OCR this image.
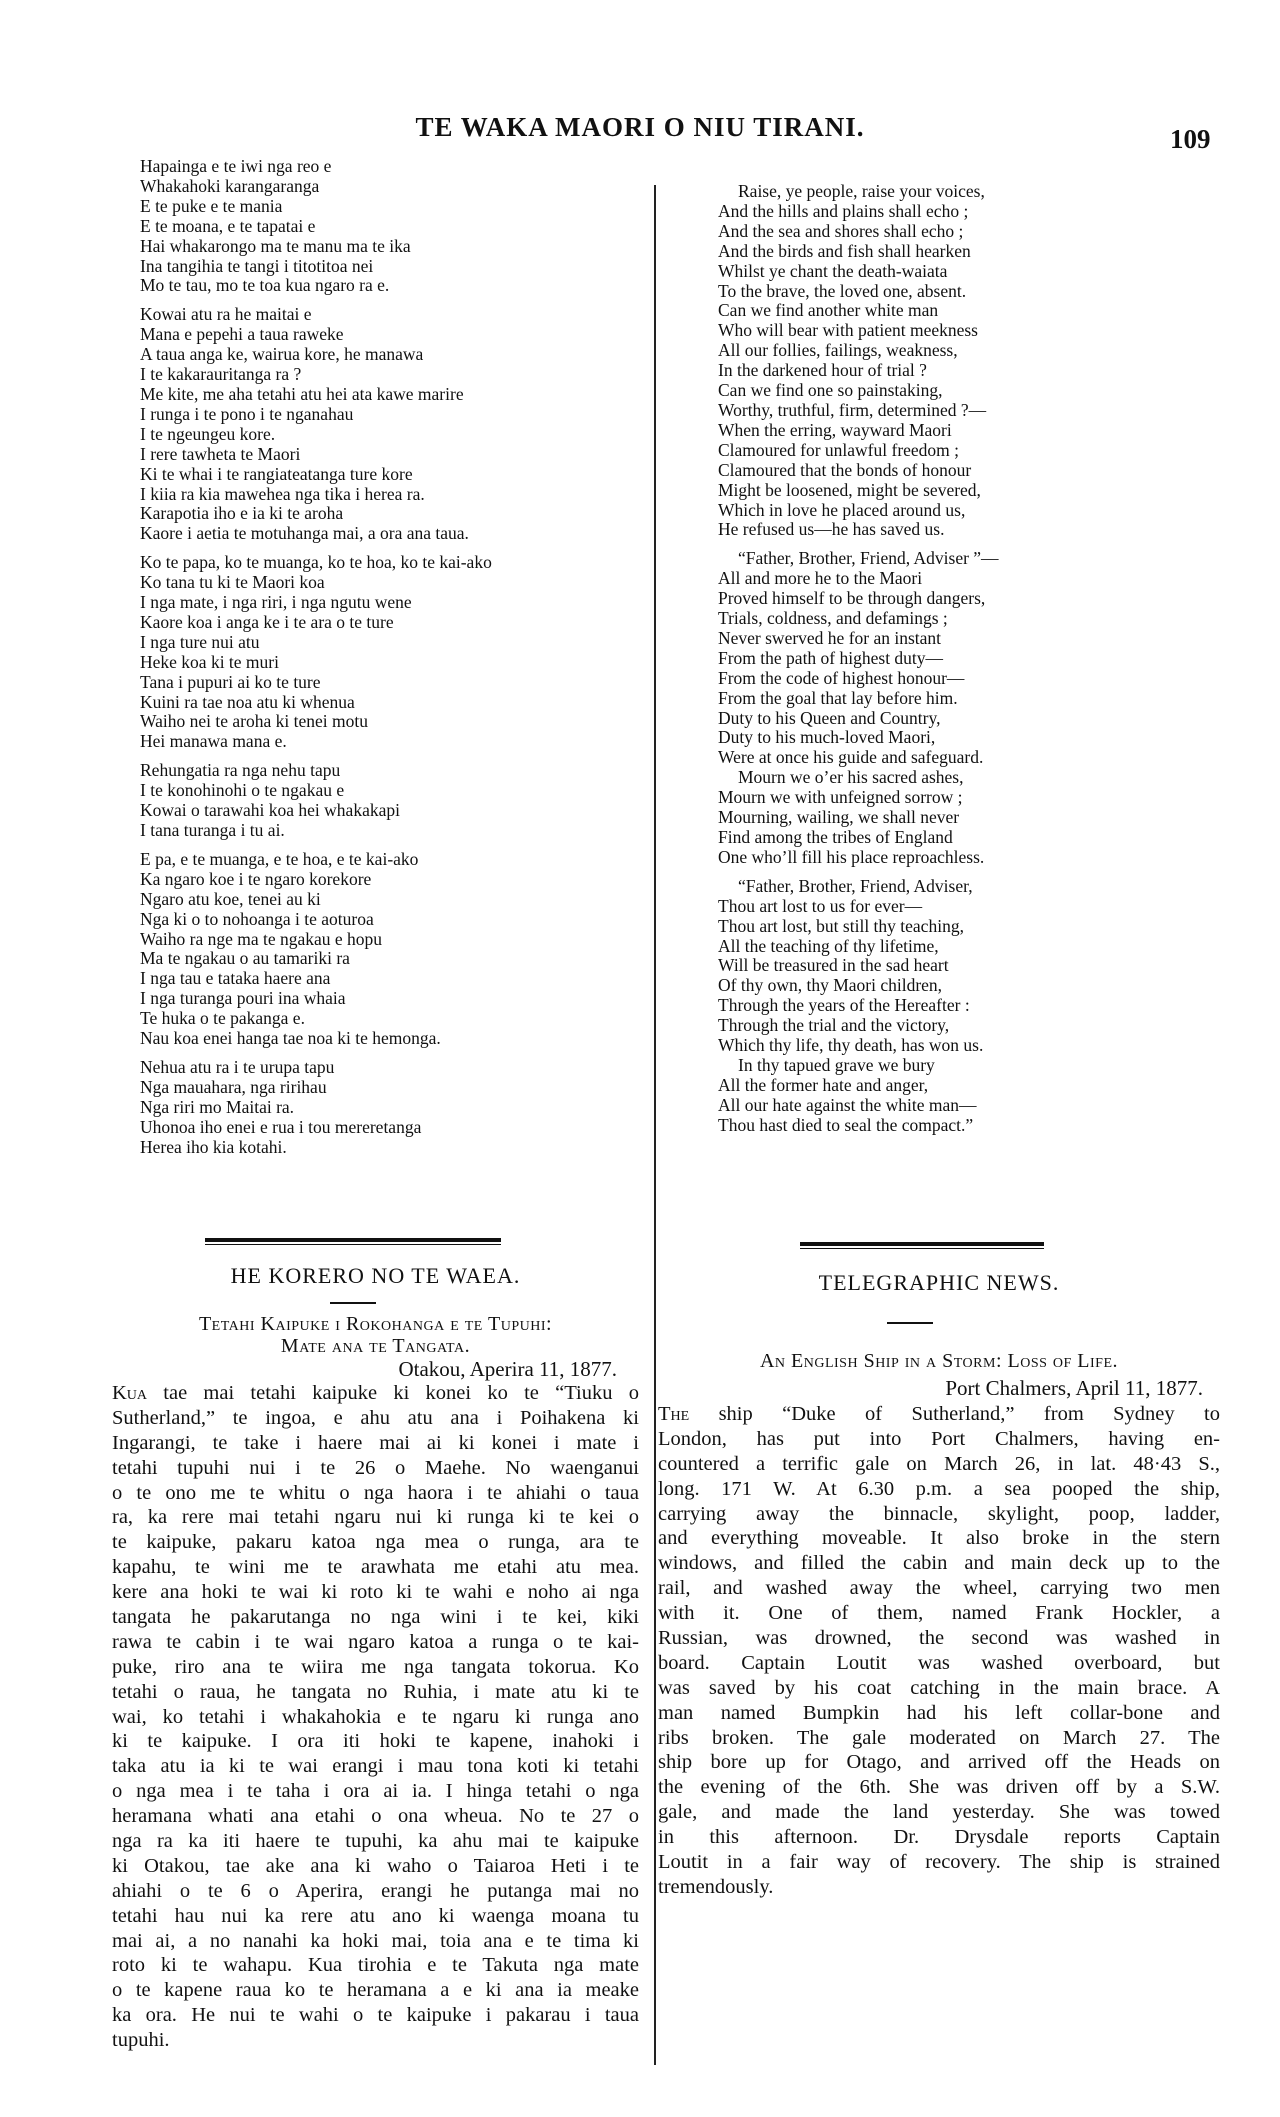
TE WAKA MAORI O NIU TIRANI.	109
Hapainga e te iwi nga reo e
Whakahoki karangaranga
E te puke e te mania
E te moana, e te tapatai e
Hai whakarongo ma te manu ma te ika
Ina tangihia te tangi i titotitoa nei
Mo te tau, mo te toa kua ngaro ra e.
Kowai atu ra he maitai e
Mana e pepehi a taua raweke
A taua anga ke, wairua kore, he manawa
I te kakarauritanga ra ?
Me kite, me aha tetahi atu hei ata kawe marire
I runga i te pono i te nganahau
I te ngeungeu kore.
I rere tawheta te Maori
Ki te whai i te rangiateatanga ture kore
I kiia ra kia mawehea nga tika i herea ra.
Karapotia iho e ia ki te aroha
Kaore i aetia te motuhanga mai, a ora ana taua.
Ko te papa, ko te muanga, ko te hoa, ko te kai-ako
Ko tana tu ki te Maori koa
I nga mate, i nga riri, i nga ngutu wene
Kaore koa i anga ke i te ara o te ture
I nga ture nui atu
Heke koa ki te muri
Tana i pupuri ai ko te ture
Kuini ra tae noa atu ki whenua
Waiho nei te aroha ki tenei motu
Hei manawa mana e.
Rehungatia ra nga nehu tapu
I te konohinohi o te ngakau e
Kowai o tarawahi koa hei whakakapi
I tana turanga i tu ai.
E pa, e te muanga, e te hoa, e te kai-ako
Ka ngaro koe i te ngaro korekore
Ngaro atu koe, tenei au ki
Nga ki o to nohoanga i te aoturoa
Waiho ra nge ma te ngakau e hopu
Ma te ngakau o au tamariki ra
I nga tau e tataka haere ana
I nga turanga pouri ina whaia
Te huka o te pakanga e.
Nau koa enei hanga tae noa ki te hemonga.
Nehua atu ra i te urupa tapu
Nga mauahara, nga ririhau
Nga riri mo Maitai ra.
Uhonoa iho enei e rua i tou mereretanga
Herea iho kia kotahi.
Raise, ye people, raise your voices,
And the hills and plains shall echo ;
And the sea and shores shall echo ;
And the birds and fish shall hearken
Whilst ye chant the death-waiata
To the brave, the loved one, absent.
Can we find another white man
Who will bear with patient meekness
All our follies, failings, weakness,
In the darkened hour of trial ?
Can we find one so painstaking,
Worthy, truthful, firm, determined ?—
When the erring, wayward Maori
Clamoured for unlawful freedom ;
Clamoured that the bonds of honour
Might be loosened, might be severed,
Which in love he placed around us,
He refused us—he has saved us.
“Father, Brother, Friend, Adviser ”—
All and more he to the Maori
Proved himself to be through dangers,
Trials, coldness, and defamings ;
Never swerved he for an instant
From the path of highest duty—
From the code of highest honour—
From the goal that lay before him.
Duty to his Queen and Country,
Duty to his much-loved Maori,
Were at once his guide and safeguard.
Mourn we o’er his sacred ashes,
Mourn we with unfeigned sorrow ;
Mourning, wailing, we shall never
Find among the tribes of England
One who’ll fill his place reproachless.
“Father, Brother, Friend, Adviser,
Thou art lost to us for ever—
Thou art lost, but still thy teaching,
All the teaching of thy lifetime,
Will be treasured in the sad heart
Of thy own, thy Maori children,
Through the years of the Hereafter :
Through the trial and the victory,
Which thy life, thy death, has won us.
In thy tapued grave we bury
All the former hate and anger,
All our hate against the white man—
Thou hast died to seal the compact.”
HE KORERO NO TE WAEA.
Tetahi Kaipuke i Rokohanga e te Tupuhi:
Mate ana te Tangata.
Otakou, Aperira 11, 1877.
Kua tae mai tetahi kaipuke ki konei ko te “Tiuku o
Sutherland,” te ingoa, e ahu atu ana i Poihakena ki
Ingarangi, te take i haere mai ai ki konei i mate i
tetahi tupuhi nui i te 26 o Maehe. No waenganui
o te ono me te whitu o nga haora i te ahiahi o taua
ra, ka rere mai tetahi ngaru nui ki runga ki te kei o
te kaipuke, pakaru katoa nga mea o runga, ara te
kapahu, te wini me te arawhata me etahi atu mea.
kere ana hoki te wai ki roto ki te wahi e noho ai nga
tangata he pakarutanga no nga wini i te kei, kiki
rawa te cabin i te wai ngaro katoa a runga o te kai-
puke, riro ana te wiira me nga tangata tokorua. Ko
tetahi o raua, he tangata no Ruhia, i mate atu ki te
wai, ko tetahi i whakahokia e te ngaru ki runga ano
ki te kaipuke. I ora iti hoki te kapene, inahoki i
taka atu ia ki te wai erangi i mau tona koti ki tetahi
o nga mea i te taha i ora ai ia. I hinga tetahi o nga
heramana whati ana etahi o ona wheua. No te 27 o
nga ra ka iti haere te tupuhi, ka ahu mai te kaipuke
ki Otakou, tae ake ana ki waho o Taiaroa Heti i te
ahiahi o te 6 o Aperira, erangi he putanga mai no
tetahi hau nui ka rere atu ano ki waenga moana tu
mai ai, a no nanahi ka hoki mai, toia ana e te tima ki
roto ki te wahapu. Kua tirohia e te Takuta nga mate
o te kapene raua ko te heramana a e ki ana ia meake
ka ora. He nui te wahi o te kaipuke i pakarau i taua
tupuhi.
TELEGRAPHIC NEWS.
An English Ship in a Storm: Loss of Life.
Port Chalmers, April 11, 1877.
The ship “Duke of Sutherland,” from Sydney to
London, has put into Port Chalmers, having en-
countered a terrific gale on March 26, in lat. 48·43 S.,
long. 171 W. At 6.30 p.m. a sea pooped the ship,
carrying away the binnacle, skylight, poop, ladder,
and everything moveable. It also broke in the stern
windows, and filled the cabin and main deck up to the
rail, and washed away the wheel, carrying two men
with it. One of them, named Frank Hockler, a
Russian, was drowned, the second was washed in
board. Captain Loutit was washed overboard, but
was saved by his coat catching in the main brace. A
man named Bumpkin had his left collar-bone and
ribs broken. The gale moderated on March 27. The
ship bore up for Otago, and arrived off the Heads on
the evening of the 6th. She was driven off by a S.W.
gale, and made the land yesterday. She was towed
in this afternoon. Dr. Drysdale reports Captain
Loutit in a fair way of recovery. The ship is strained
tremendously.
